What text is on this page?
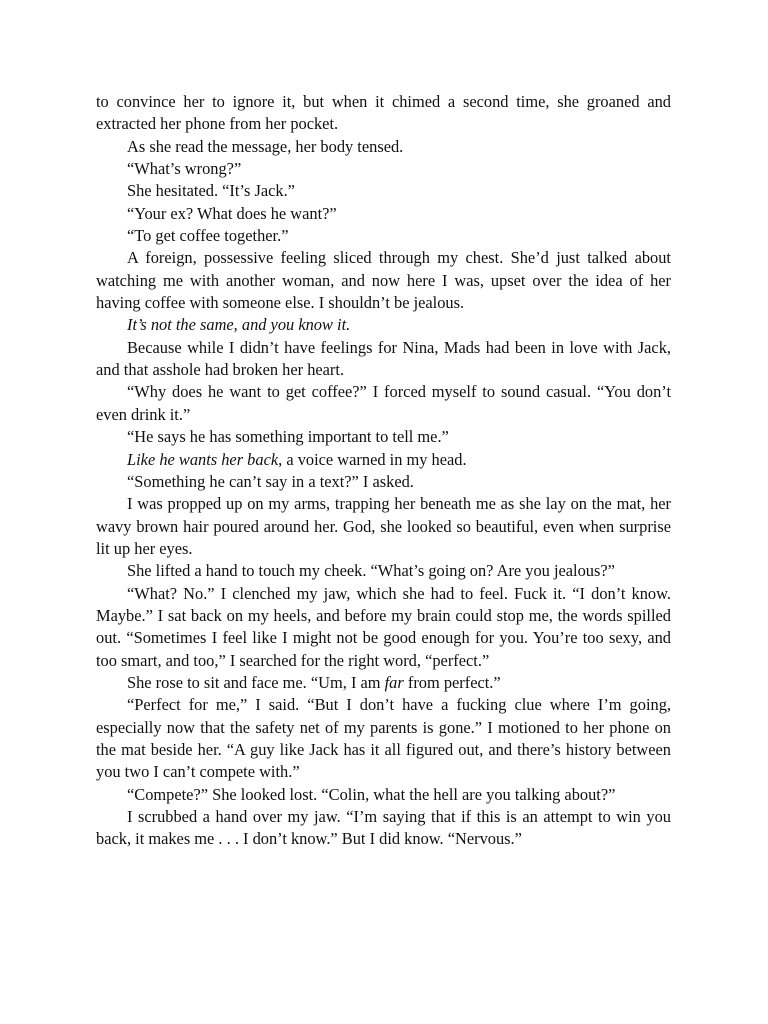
to convince her to ignore it, but when it chimed a second time, she groaned and extracted her phone from her pocket.

As she read the message, her body tensed.

“What’s wrong?”

She hesitated. “It’s Jack.”

“Your ex? What does he want?”

“To get coffee together.”

A foreign, possessive feeling sliced through my chest. She’d just talked about watching me with another woman, and now here I was, upset over the idea of her having coffee with someone else. I shouldn’t be jealous.

It’s not the same, and you know it.

Because while I didn’t have feelings for Nina, Mads had been in love with Jack, and that asshole had broken her heart.

“Why does he want to get coffee?” I forced myself to sound casual. “You don’t even drink it.”

“He says he has something important to tell me.”

Like he wants her back, a voice warned in my head.

“Something he can’t say in a text?” I asked.

I was propped up on my arms, trapping her beneath me as she lay on the mat, her wavy brown hair poured around her. God, she looked so beautiful, even when surprise lit up her eyes.

She lifted a hand to touch my cheek. “What’s going on? Are you jealous?”

“What? No.” I clenched my jaw, which she had to feel. Fuck it. “I don’t know. Maybe.” I sat back on my heels, and before my brain could stop me, the words spilled out. “Sometimes I feel like I might not be good enough for you. You’re too sexy, and too smart, and too,” I searched for the right word, “perfect.”

She rose to sit and face me. “Um, I am far from perfect.”

“Perfect for me,” I said. “But I don’t have a fucking clue where I’m going, especially now that the safety net of my parents is gone.” I motioned to her phone on the mat beside her. “A guy like Jack has it all figured out, and there’s history between you two I can’t compete with.”

“Compete?” She looked lost. “Colin, what the hell are you talking about?”

I scrubbed a hand over my jaw. “I’m saying that if this is an attempt to win you back, it makes me . . . I don’t know.” But I did know. “Nervous.”
